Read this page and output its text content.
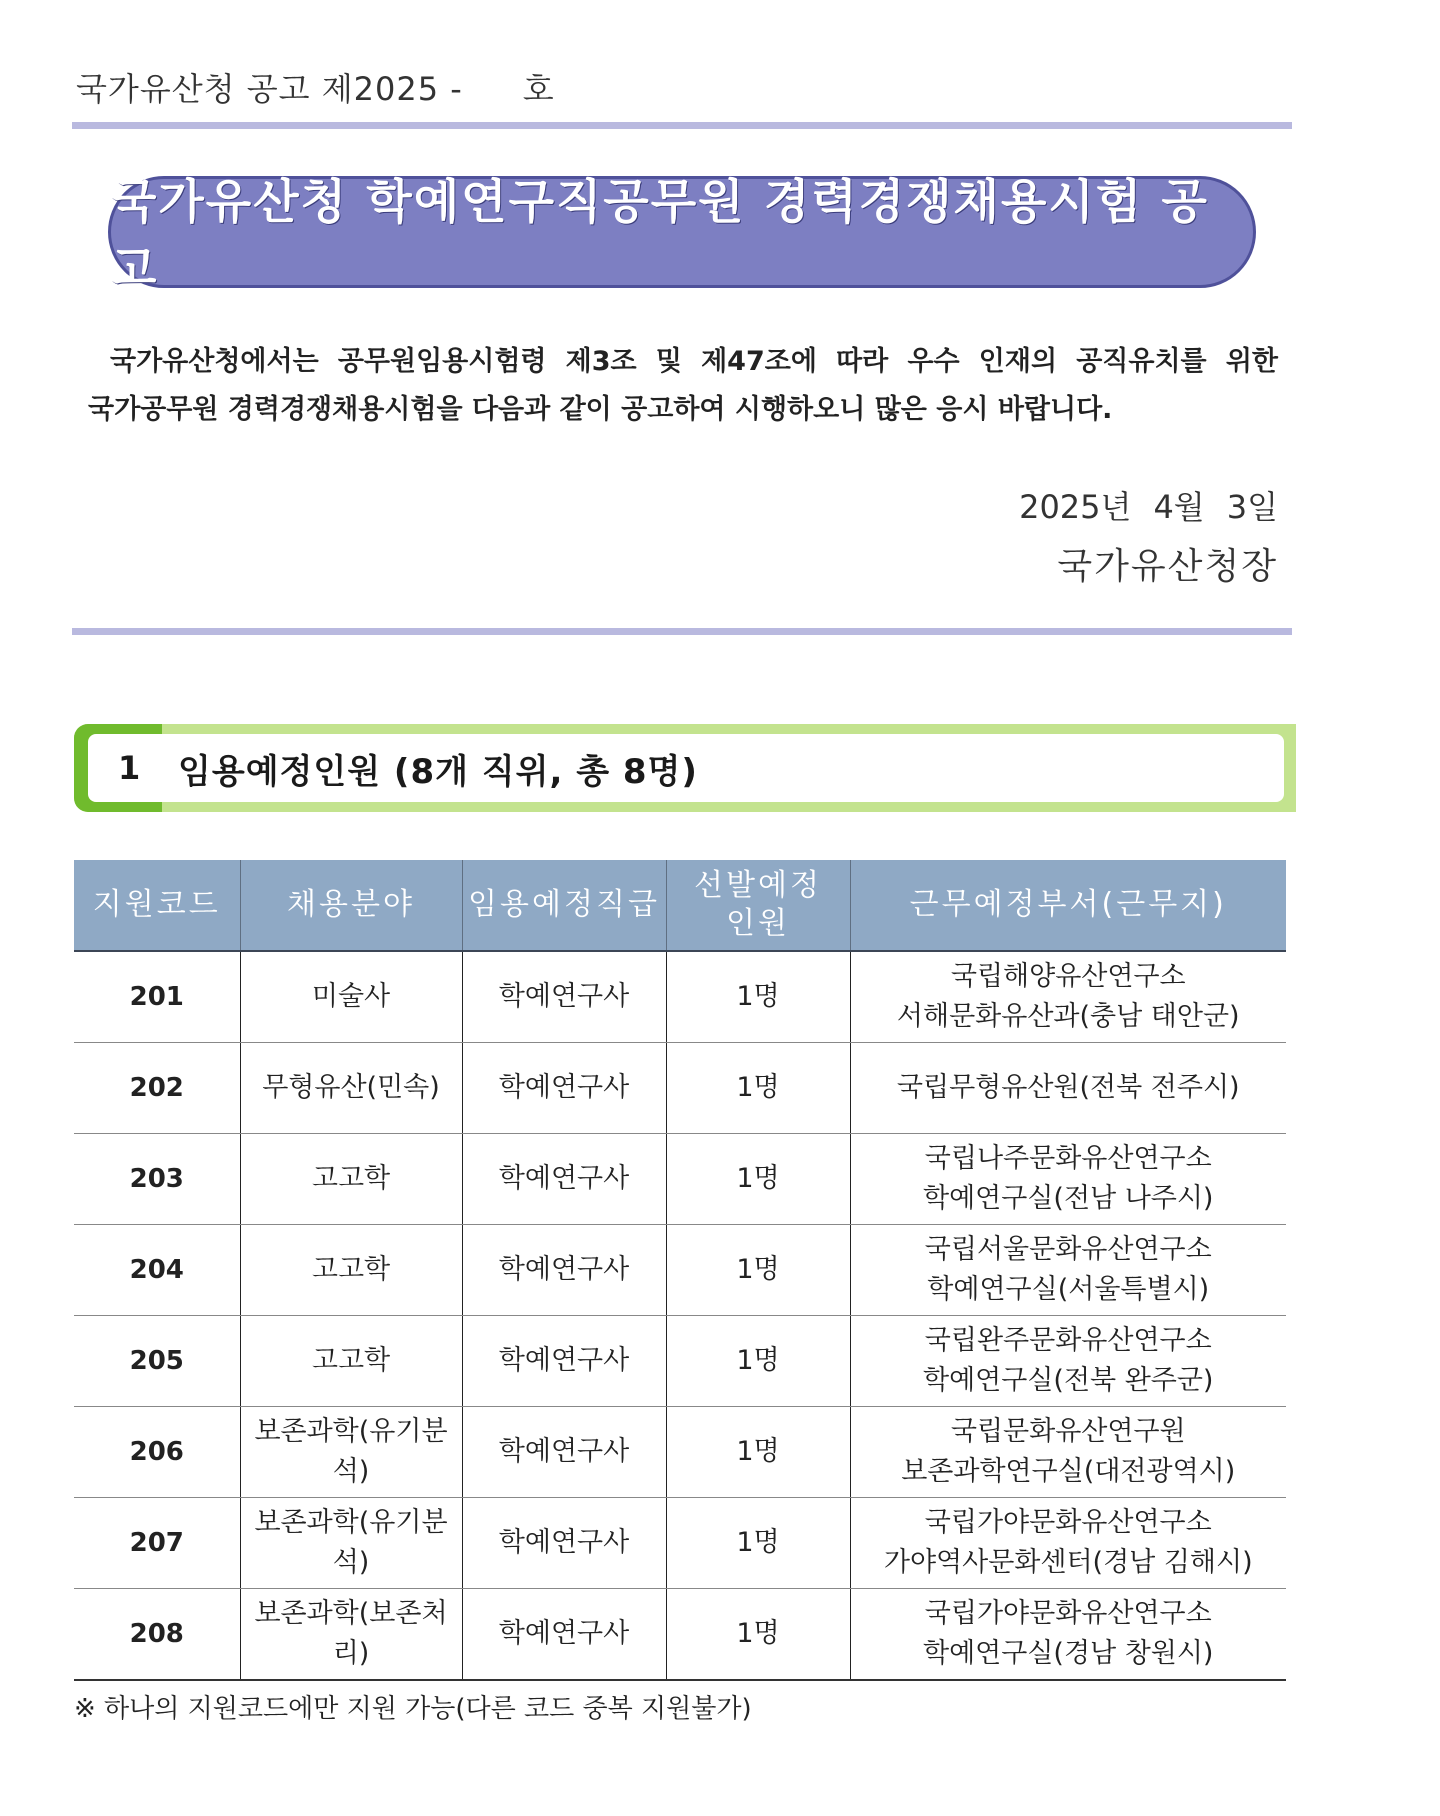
국가유산청 공고 제2025 - 호
국가유산청 학예연구직공무원 경력경쟁채용시험 공고

국가유산청에서는 공무원임용시험령 제3조 및 제47조에 따라 우수 인재의 공직유치를 위한

국가공무원 경력경쟁채용시험을 다음과 같이 공고하여 시행하오니 많은 응시 바랍니다.

2025년 4월 3일
국가유산청장
1	임용예정인원 (8개 직위, 총 8명)
지원코드	채용분야	임용예정직급	선발예정
인원	근무예정부서(근무지)
201	미술사	학예연구사	1명	국립해양유산연구소
서해문화유산과(충남 태안군)
202	무형유산(민속)	학예연구사	1명	국립무형유산원(전북 전주시)
203	고고학	학예연구사	1명	국립나주문화유산연구소
학예연구실(전남 나주시)
204	고고학	학예연구사	1명	국립서울문화유산연구소
학예연구실(서울특별시)
205	고고학	학예연구사	1명	국립완주문화유산연구소
학예연구실(전북 완주군)
206	보존과학(유기분석)	학예연구사	1명	국립문화유산연구원
보존과학연구실(대전광역시)
207	보존과학(유기분석)	학예연구사	1명	국립가야문화유산연구소
가야역사문화센터(경남 김해시)
208	보존과학(보존처리)	학예연구사	1명	국립가야문화유산연구소
학예연구실(경남 창원시)
※ 하나의 지원코드에만 지원 가능(다른 코드 중복 지원불가)
